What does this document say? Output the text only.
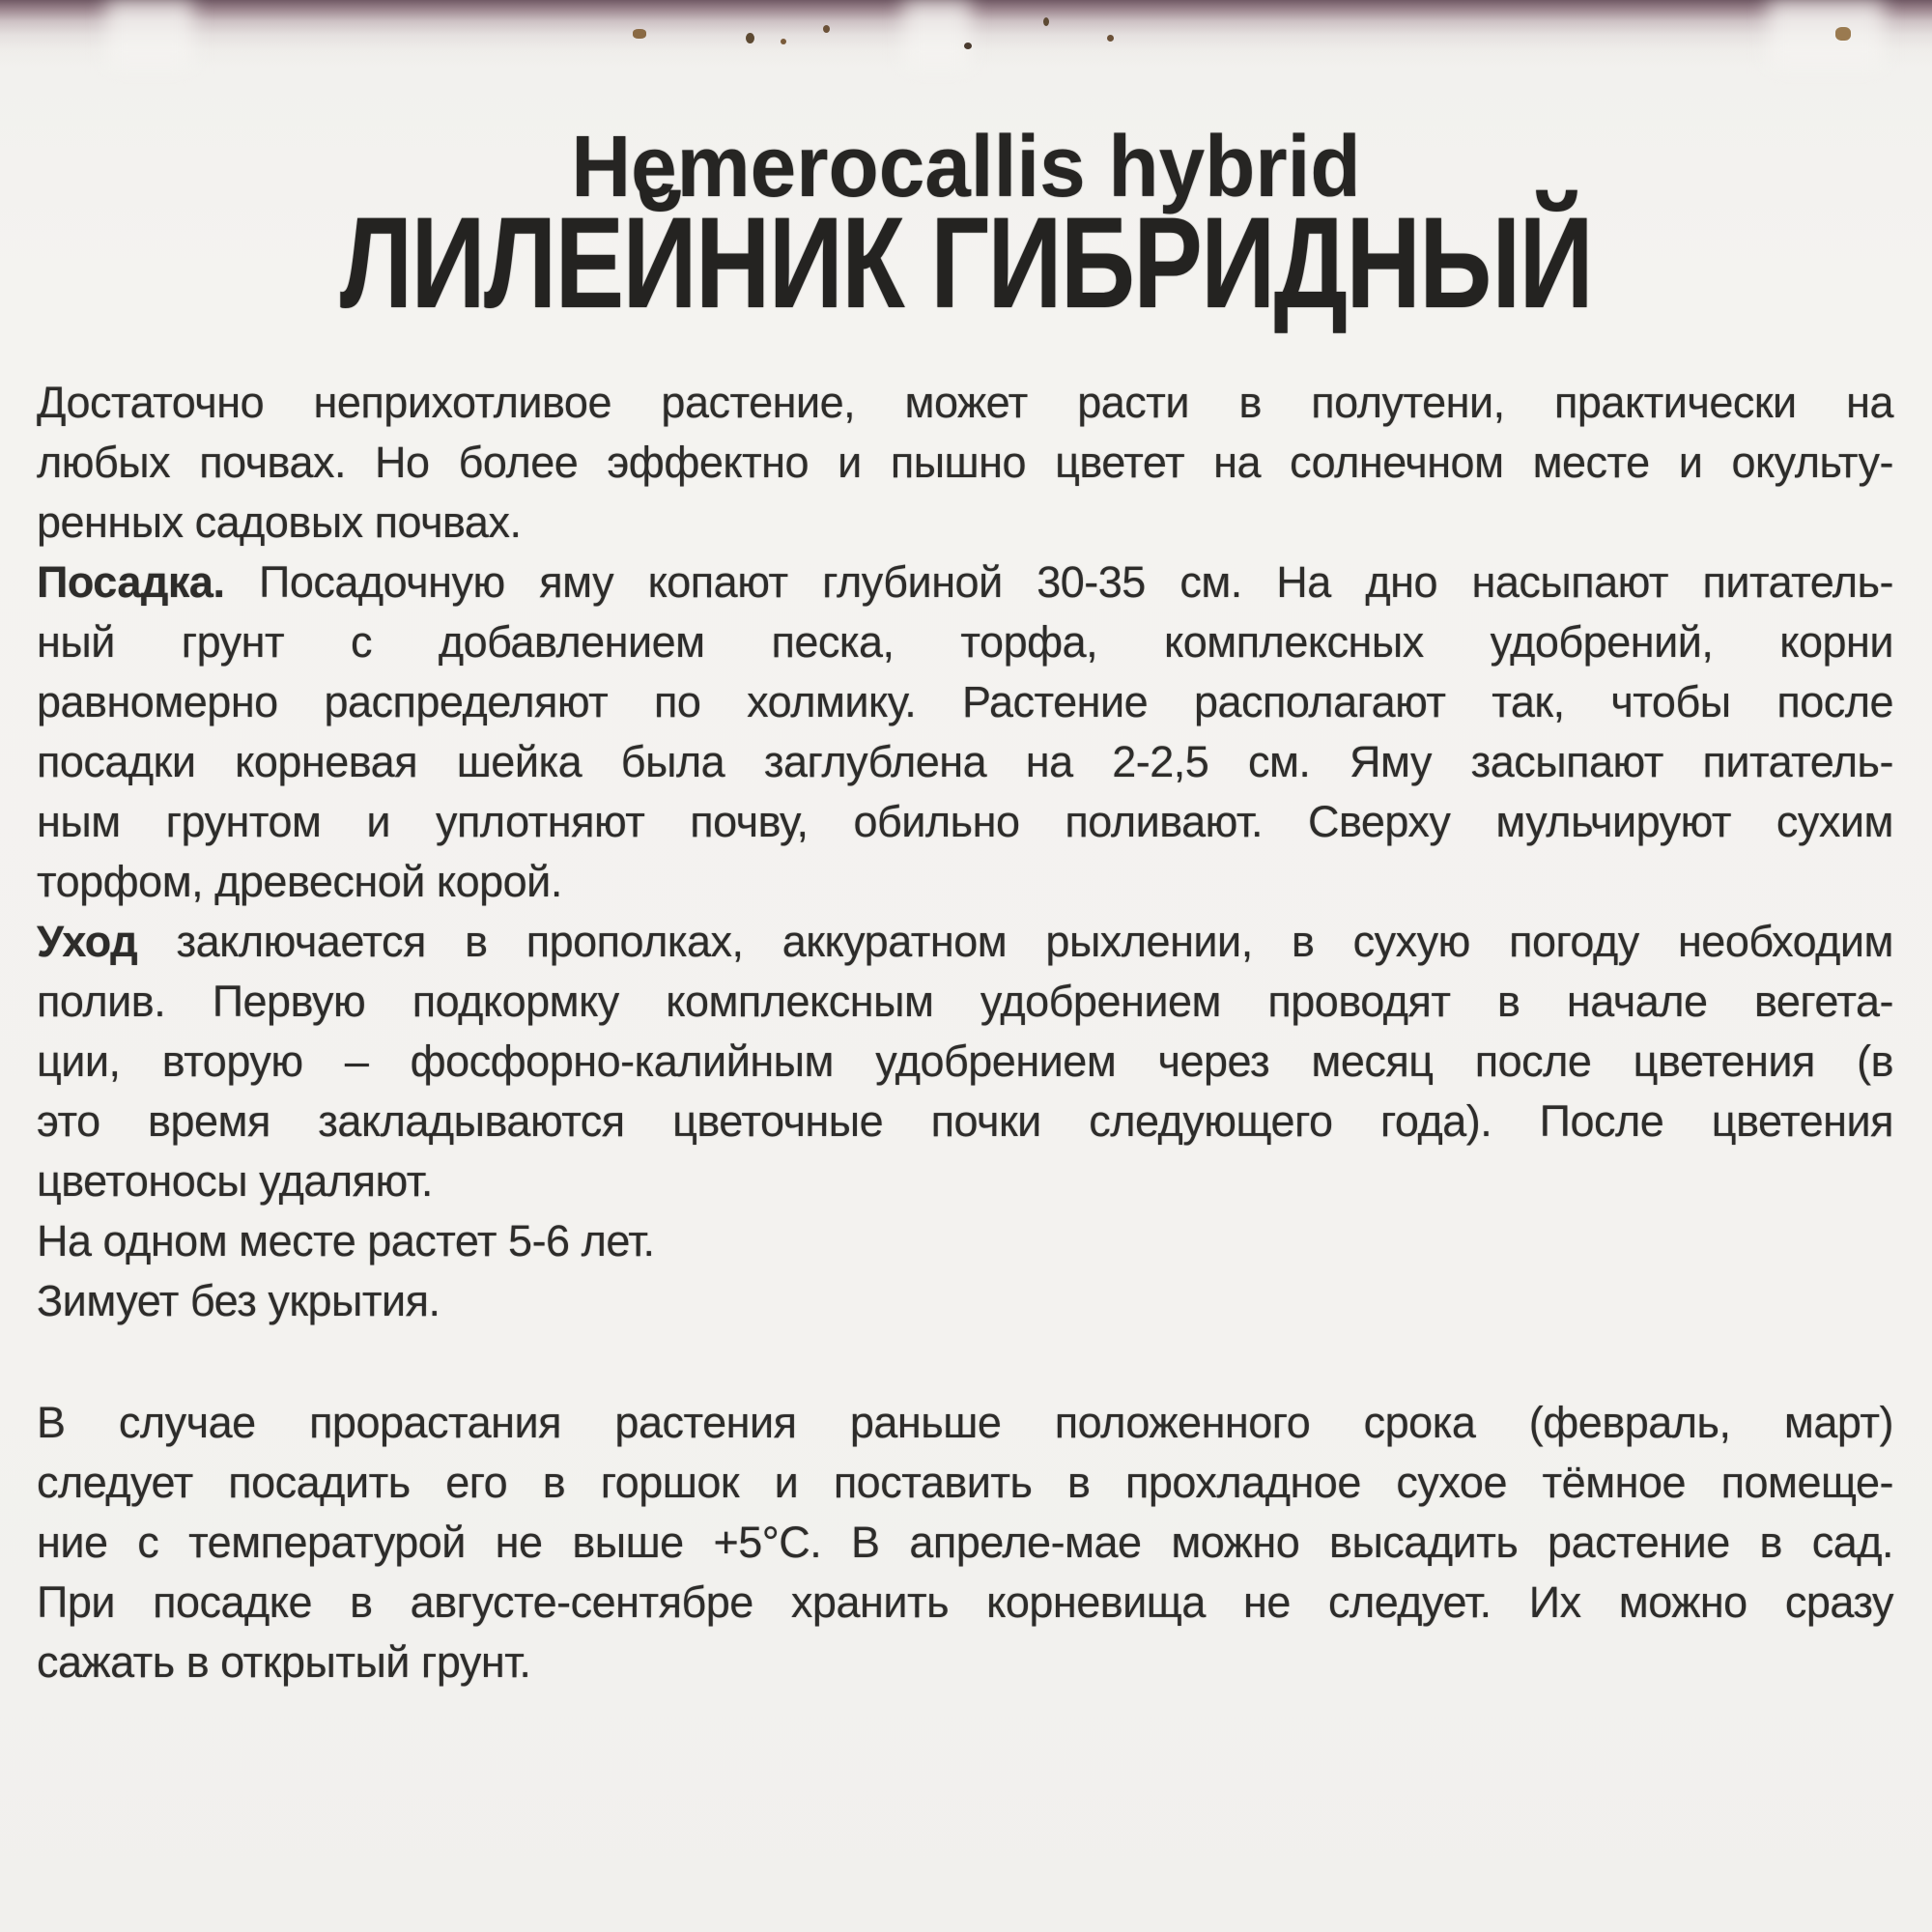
Hemerocallis hybrid
ЛИЛЕЙНИК ГИБРИДНЫЙ
Достаточно неприхотливое растение, может расти в полутени, практически на
любых почвах. Но более эффектно и пышно цветет на солнечном месте и окульту-
ренных садовых почвах.
Посадка. Посадочную яму копают глубиной 30-35 см. На дно насыпают питатель-
ный грунт с добавлением песка, торфа, комплексных удобрений, корни
равномерно распределяют по холмику. Растение располагают так, чтобы после
посадки корневая шейка была заглублена на 2-2,5 см. Яму засыпают питатель-
ным грунтом и уплотняют почву, обильно поливают. Сверху мульчируют сухим
торфом, древесной корой.
Уход заключается в прополках, аккуратном рыхлении, в сухую погоду необходим
полив. Первую подкормку комплексным удобрением проводят в начале вегета-
ции, вторую – фосфорно-калийным удобрением через месяц после цветения (в
это время закладываются цветочные почки следующего года). После цветения
цветоносы удаляют.
На одном месте растет 5-6 лет.
Зимует без укрытия.
В случае прорастания растения раньше положенного срока (февраль, март)
следует посадить его в горшок и поставить в прохладное сухое тёмное помеще-
ние с температурой не выше +5°С. В апреле-мае можно высадить растение в сад.
При посадке в августе-сентябре хранить корневища не следует. Их можно сразу
сажать в открытый грунт.
